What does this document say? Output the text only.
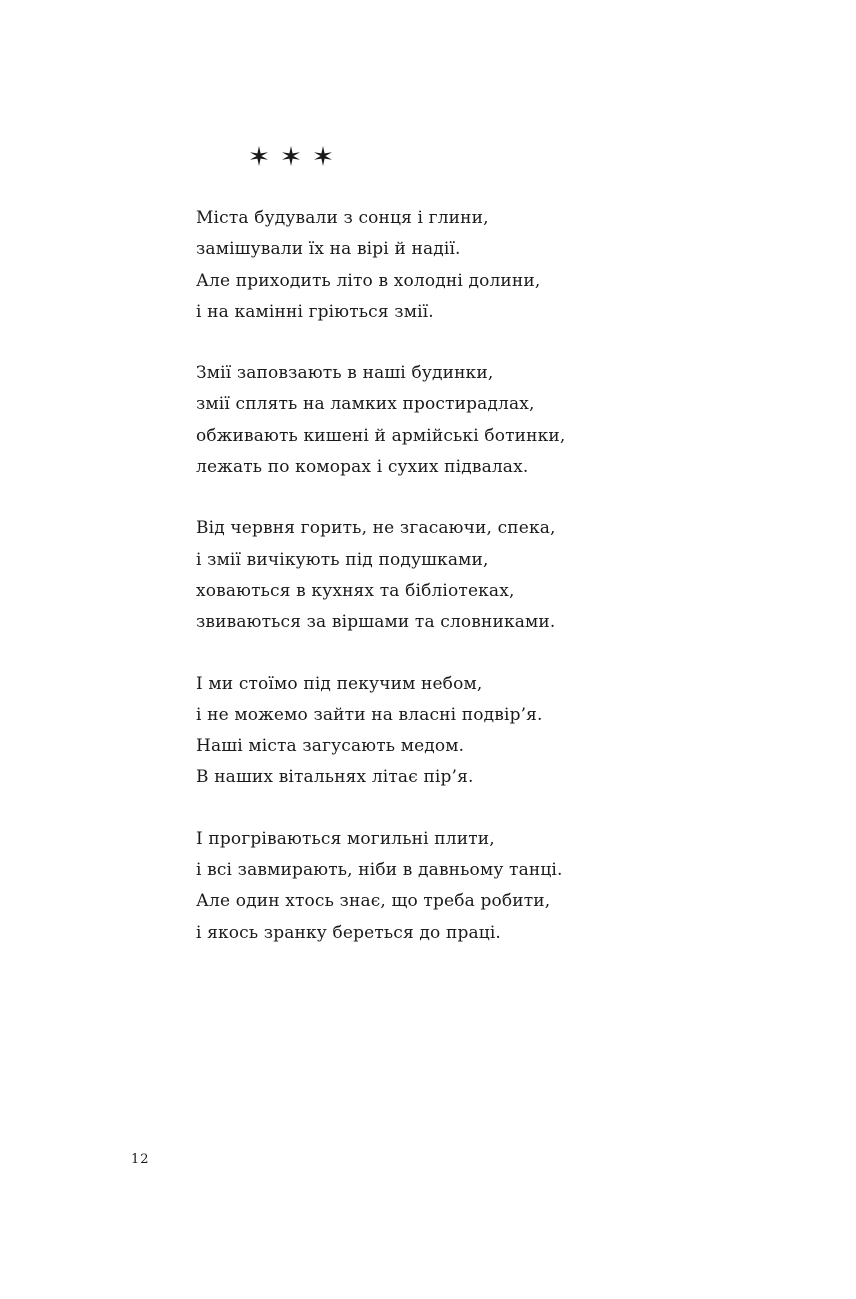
Міста будували з сонця і глини,
замішували їх на вірі й надії.
Але приходить літо в холодні долини,
і на камінні гріються змії.
Змії заповзають в наші будинки,
змії сплять на ламких простирадлах,
обживають кишені й армійські ботинки,
лежать по коморах і сухих підвалах.
Від червня горить, не згасаючи, спека,
і змії вичікують під подушками,
ховаються в кухнях та бібліотеках,
звиваються за віршами та словниками.
І ми стоїмо під пекучим небом,
і не можемо зайти на власні подвір’я.
Наші міста загусають медом.
В наших вітальнях літає пір’я.
І прогріваються могильні плити,
і всі завмирають, ніби в давньому танці.
Але один хтось знає, що треба робити,
і якось зранку береться до праці.
12
